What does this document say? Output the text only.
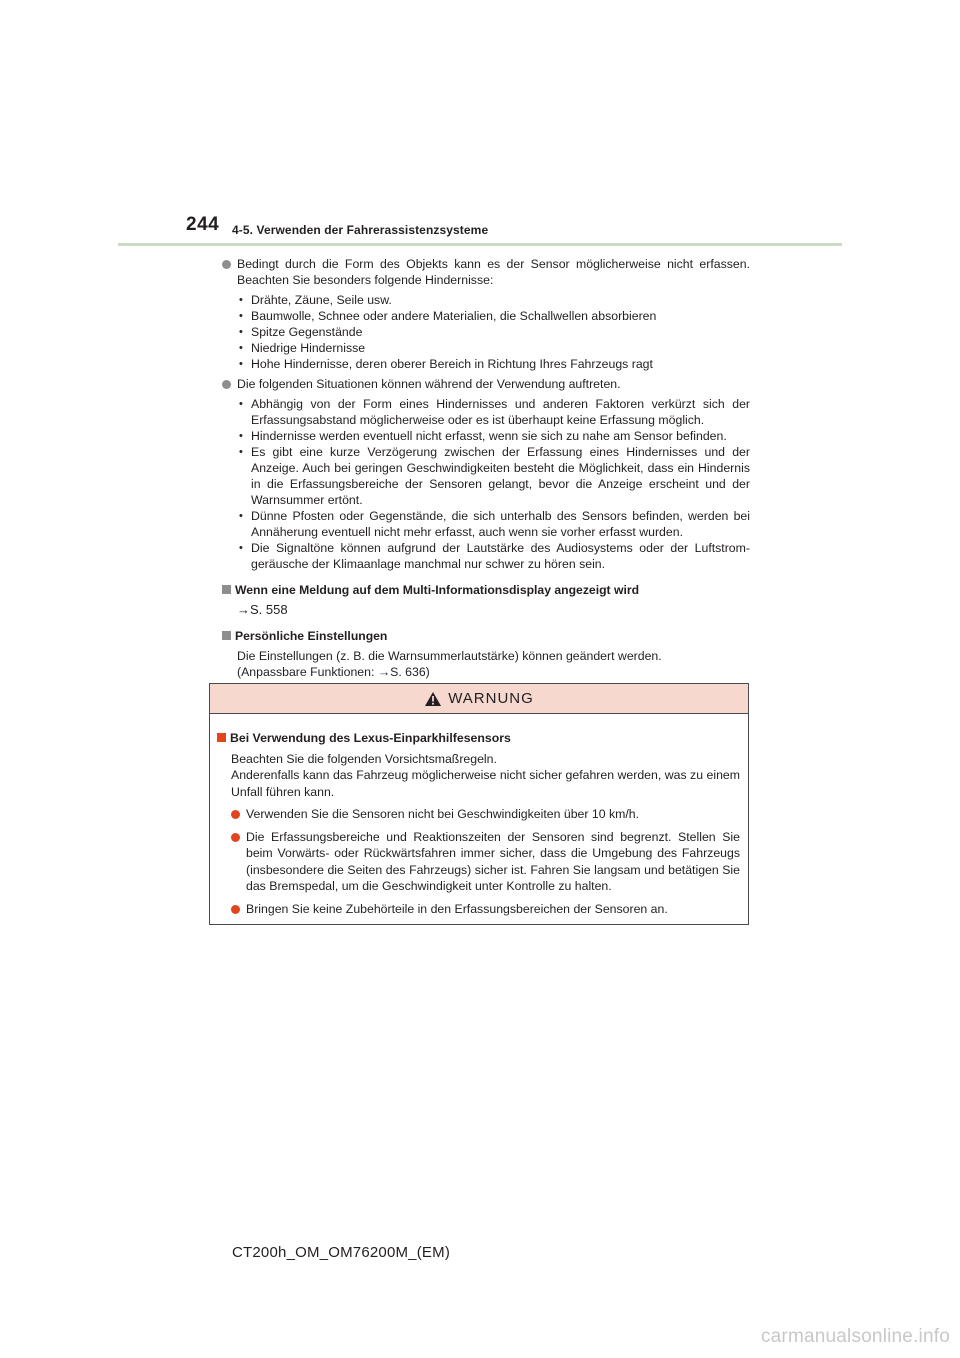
244 4-5. Verwenden der Fahrerassistenzsysteme

Bedingt durch die Form des Objekts kann es der Sensor möglicherweise nicht erfassen. Beachten Sie besonders folgende Hindernisse:

• Drähte, Zäune, Seile usw.
• Baumwolle, Schnee oder andere Materialien, die Schallwellen absorbieren
• Spitze Gegenstände
• Niedrige Hindernisse
• Hohe Hindernisse, deren oberer Bereich in Richtung Ihres Fahrzeugs ragt

Die folgenden Situationen können während der Verwendung auftreten.

• Abhängig von der Form eines Hindernisses und anderen Faktoren verkürzt sich der Erfassungsabstand möglicherweise oder es ist überhaupt keine Erfassung möglich.
• Hindernisse werden eventuell nicht erfasst, wenn sie sich zu nahe am Sensor befinden.
• Es gibt eine kurze Verzögerung zwischen der Erfassung eines Hindernisses und der Anzeige. Auch bei geringen Geschwindigkeiten besteht die Möglichkeit, dass ein Hindernis in die Erfassungsbereiche der Sensoren gelangt, bevor die Anzeige erscheint und der Warnsummer ertönt.
• Dünne Pfosten oder Gegenstände, die sich unterhalb des Sensors befinden, werden bei Annäherung eventuell nicht mehr erfasst, auch wenn sie vorher erfasst wurden.
• Die Signaltöne können aufgrund der Lautstärke des Audiosystems oder der Luftstrom-geräusche der Klimaanlage manchmal nur schwer zu hören sein.
Wenn eine Meldung auf dem Multi-Informationsdisplay angezeigt wird
→S. 558
Persönliche Einstellungen
Die Einstellungen (z. B. die Warnsummerlautstärke) können geändert werden.
(Anpassbare Funktionen: →S. 636)
WARNUNG
Bei Verwendung des Lexus-Einparkhilfesensors
Beachten Sie die folgenden Vorsichtsmaßregeln.
Anderenfalls kann das Fahrzeug möglicherweise nicht sicher gefahren werden, was zu einem Unfall führen kann.
Verwenden Sie die Sensoren nicht bei Geschwindigkeiten über 10 km/h.
Die Erfassungsbereiche und Reaktionszeiten der Sensoren sind begrenzt. Stellen Sie beim Vorwärts- oder Rückwärtsfahren immer sicher, dass die Umgebung des Fahrzeugs (insbesondere die Seiten des Fahrzeugs) sicher ist. Fahren Sie langsam und betätigen Sie das Bremspedal, um die Geschwindigkeit unter Kontrolle zu halten.
Bringen Sie keine Zubehörteile in den Erfassungsbereichen der Sensoren an.
CT200h_OM_OM76200M_(EM)
carmanualsonline.info
